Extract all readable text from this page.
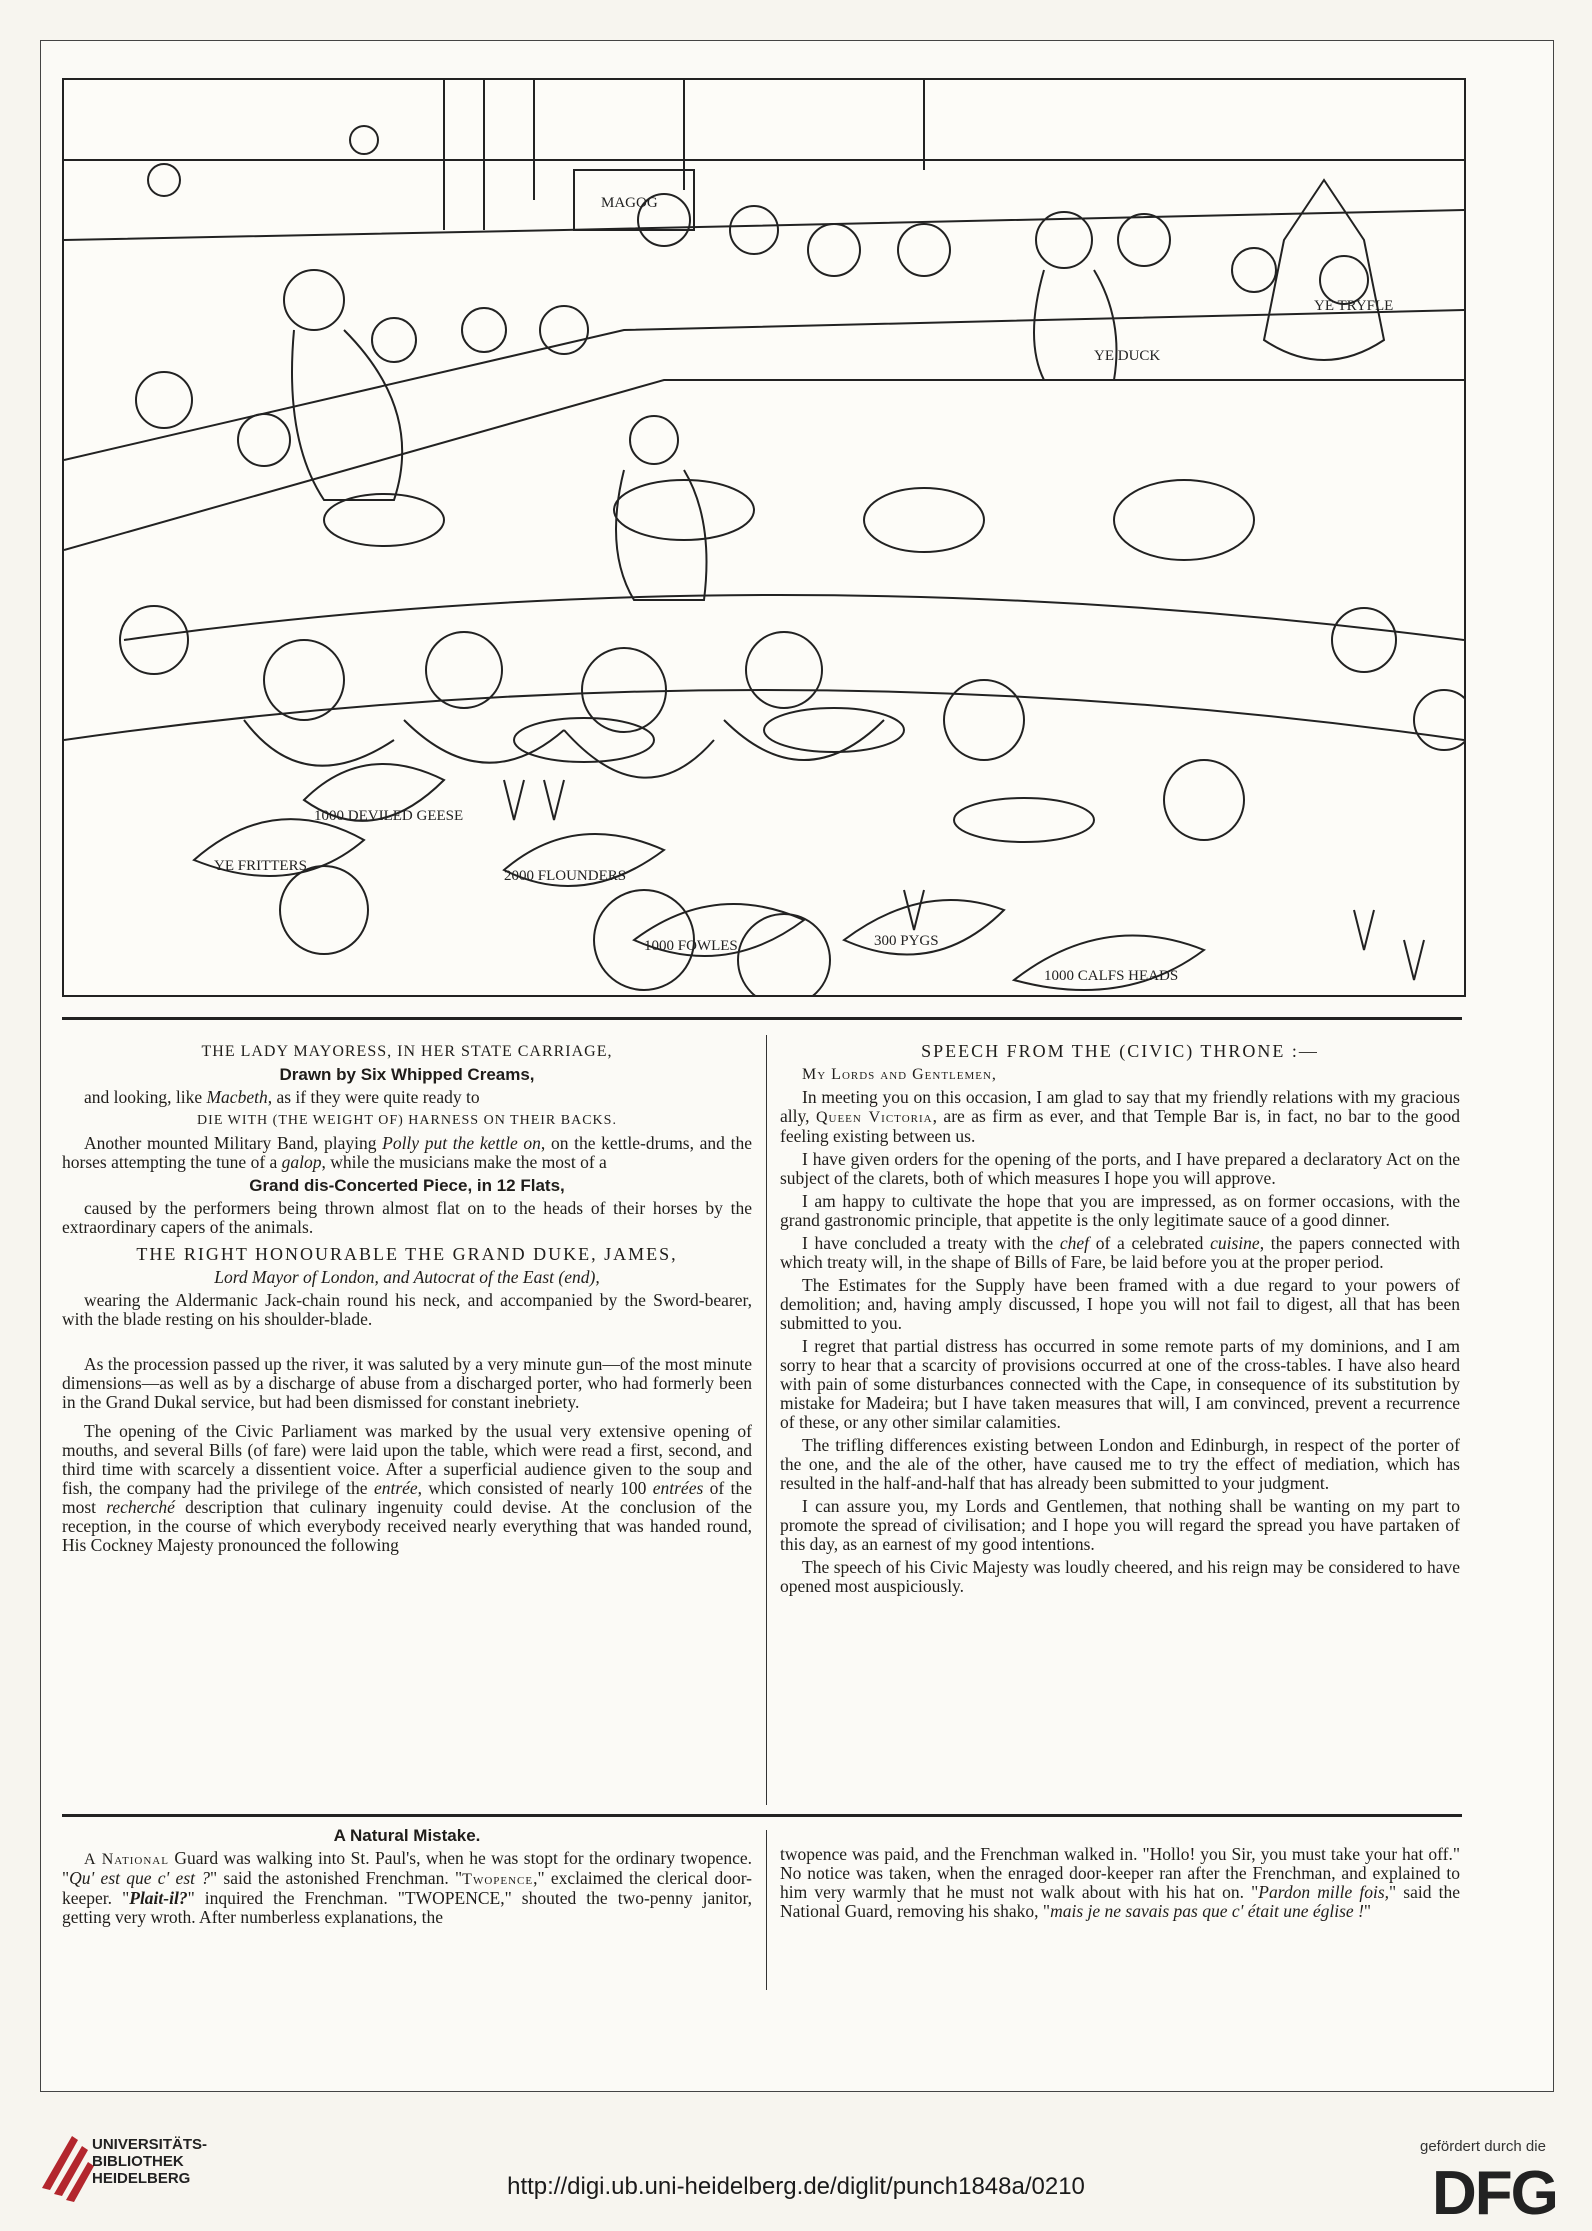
MAGOG
YE DUCK
YE TRYFLE
YE FRITTERS
1000 DEVILED GEESE
2000 FLOUNDERS
1000 FOWLES	300 PYGS
1000 CALFS HEADS

THE LADY MAYORESS, IN HER STATE CARRIAGE,

Drawn by Six Whipped Creams,

and looking, like Macbeth, as if they were quite ready to

DIE WITH (THE WEIGHT OF) HARNESS ON THEIR BACKS.

Another mounted Military Band, playing Polly put the kettle on, on the kettle-drums, and the horses attempting the tune of a galop, while the musicians make the most of a

Grand dis-Concerted Piece, in 12 Flats,

caused by the performers being thrown almost flat on to the heads of their horses by the extraordinary capers of the animals.

THE RIGHT HONOURABLE THE GRAND DUKE, JAMES,

Lord Mayor of London, and Autocrat of the East (end),

wearing the Aldermanic Jack-chain round his neck, and accompanied by the Sword-bearer, with the blade resting on his shoulder-blade.

As the procession passed up the river, it was saluted by a very minute gun—of the most minute dimensions—as well as by a discharge of abuse from a discharged porter, who had formerly been in the Grand Dukal service, but had been dismissed for constant inebriety.

The opening of the Civic Parliament was marked by the usual very extensive opening of mouths, and several Bills (of fare) were laid upon the table, which were read a first, second, and third time with scarcely a dissentient voice. After a superficial audience given to the soup and fish, the company had the privilege of the entrée, which consisted of nearly 100 entrées of the most recherché description that culinary ingenuity could devise. At the conclusion of the reception, in the course of which everybody received nearly everything that was handed round, His Cockney Majesty pronounced the following

SPEECH FROM THE (CIVIC) THRONE :—

My Lords and Gentlemen,

In meeting you on this occasion, I am glad to say that my friendly relations with my gracious ally, Queen Victoria, are as firm as ever, and that Temple Bar is, in fact, no bar to the good feeling existing between us.

I have given orders for the opening of the ports, and I have prepared a declaratory Act on the subject of the clarets, both of which measures I hope you will approve.

I am happy to cultivate the hope that you are impressed, as on former occasions, with the grand gastronomic principle, that appetite is the only legitimate sauce of a good dinner.

I have concluded a treaty with the chef of a celebrated cuisine, the papers connected with which treaty will, in the shape of Bills of Fare, be laid before you at the proper period.

The Estimates for the Supply have been framed with a due regard to your powers of demolition; and, having amply discussed, I hope you will not fail to digest, all that has been submitted to you.

I regret that partial distress has occurred in some remote parts of my dominions, and I am sorry to hear that a scarcity of provisions occurred at one of the cross-tables. I have also heard with pain of some disturbances connected with the Cape, in consequence of its substitution by mistake for Madeira; but I have taken measures that will, I am convinced, prevent a recurrence of these, or any other similar calamities.

The trifling differences existing between London and Edinburgh, in respect of the porter of the one, and the ale of the other, have caused me to try the effect of mediation, which has resulted in the half-and-half that has already been submitted to your judgment.

I can assure you, my Lords and Gentlemen, that nothing shall be wanting on my part to promote the spread of civilisation; and I hope you will regard the spread you have partaken of this day, as an earnest of my good intentions.

The speech of his Civic Majesty was loudly cheered, and his reign may be considered to have opened most auspiciously.

A Natural Mistake.

A National Guard was walking into St. Paul's, when he was stopt for the ordinary twopence. "Qu' est que c' est ?" said the astonished Frenchman. "Twopence," exclaimed the clerical door-keeper. "Plait-il?" inquired the Frenchman. "TWOPENCE," shouted the two-penny janitor, getting very wroth. After numberless explanations, the

twopence was paid, and the Frenchman walked in. "Hollo! you Sir, you must take your hat off." No notice was taken, when the enraged door-keeper ran after the Frenchman, and explained to him very warmly that he must not walk about with his hat on. "Pardon mille fois," said the National Guard, removing his shako, "mais je ne savais pas que c' était une église !"

UNIVERSITÄTS-
BIBLIOTHEK
HEIDELBERG	http://digi.ub.uni-heidelberg.de/diglit/punch1848a/0210
gefördert durch die
DFG
